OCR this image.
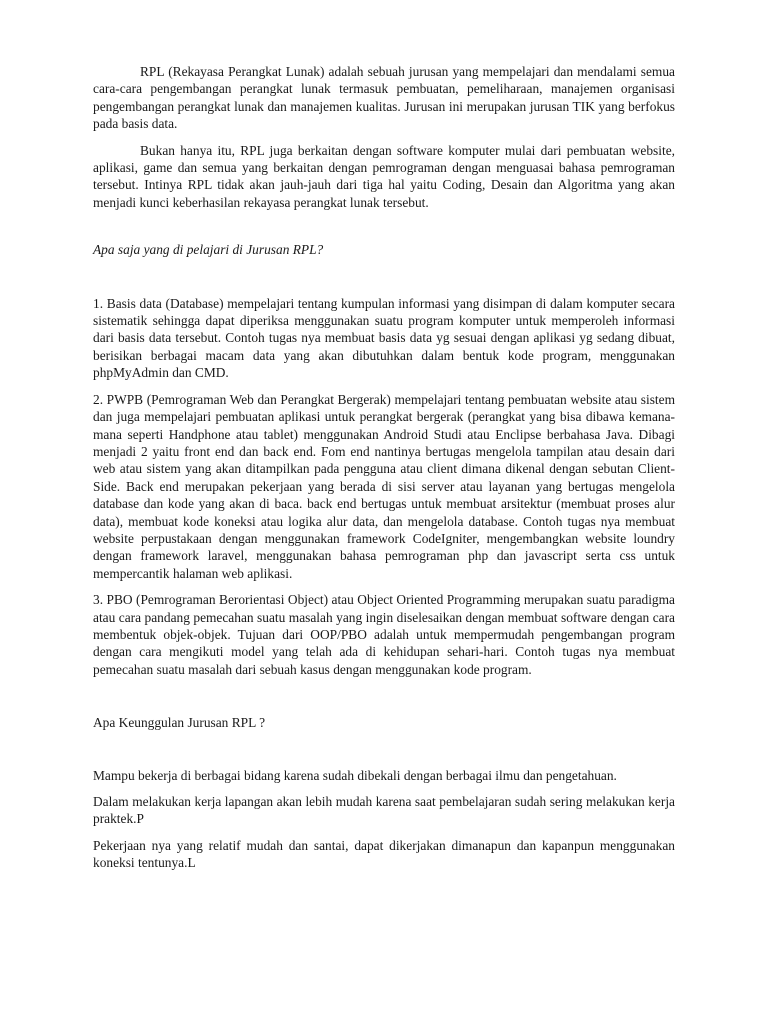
RPL (Rekayasa Perangkat Lunak) adalah sebuah jurusan yang mempelajari dan mendalami semua cara-cara pengembangan perangkat lunak termasuk pembuatan, pemeliharaan, manajemen organisasi pengembangan perangkat lunak dan manajemen kualitas. Jurusan ini merupakan jurusan TIK yang berfokus pada basis data.

Bukan hanya itu, RPL juga berkaitan dengan software komputer mulai dari pembuatan website, aplikasi, game dan semua yang berkaitan dengan pemrograman dengan menguasai bahasa pemrograman tersebut. Intinya RPL tidak akan jauh-jauh dari tiga hal yaitu Coding, Desain dan Algoritma yang akan menjadi kunci keberhasilan rekayasa perangkat lunak tersebut.

Apa saja yang di pelajari di Jurusan RPL?

1. Basis data (Database) mempelajari tentang kumpulan informasi yang disimpan di dalam komputer secara sistematik sehingga dapat diperiksa menggunakan suatu program komputer untuk memperoleh informasi dari basis data tersebut. Contoh tugas nya membuat basis data yg sesuai dengan aplikasi yg sedang dibuat, berisikan berbagai macam data yang akan dibutuhkan dalam bentuk kode program, menggunakan phpMyAdmin dan CMD.

2. PWPB (Pemrograman Web dan Perangkat Bergerak) mempelajari tentang pembuatan website atau sistem dan juga mempelajari pembuatan aplikasi untuk perangkat bergerak (perangkat yang bisa dibawa kemana-mana seperti Handphone atau tablet) menggunakan Android Studi atau Enclipse berbahasa Java. Dibagi menjadi 2 yaitu front end dan back end. Fom end nantinya bertugas mengelola tampilan atau desain dari web atau sistem yang akan ditampilkan pada pengguna atau client dimana dikenal dengan sebutan Client-Side. Back end merupakan pekerjaan yang berada di sisi server atau layanan yang bertugas mengelola database dan kode yang akan di baca. back end bertugas untuk membuat arsitektur (membuat proses alur data), membuat kode koneksi atau logika alur data, dan mengelola database. Contoh tugas nya membuat website perpustakaan dengan menggunakan framework CodeIgniter, mengembangkan website loundry dengan framework laravel, menggunakan bahasa pemrograman php dan javascript serta css untuk mempercantik halaman web aplikasi.

3. PBO (Pemrograman Berorientasi Object) atau Object Oriented Programming merupakan suatu paradigma atau cara pandang pemecahan suatu masalah yang ingin diselesaikan dengan membuat software dengan cara membentuk objek-objek. Tujuan dari OOP/PBO adalah untuk mempermudah pengembangan program dengan cara mengikuti model yang telah ada di kehidupan sehari-hari. Contoh tugas nya membuat pemecahan suatu masalah dari sebuah kasus dengan menggunakan kode program.

Apa Keunggulan Jurusan RPL ?

Mampu bekerja di berbagai bidang karena sudah dibekali dengan berbagai ilmu dan pengetahuan.

Dalam melakukan kerja lapangan akan lebih mudah karena saat pembelajaran sudah sering melakukan kerja praktek.P

Pekerjaan nya yang relatif mudah dan santai, dapat dikerjakan dimanapun dan kapanpun menggunakan koneksi tentunya.L
